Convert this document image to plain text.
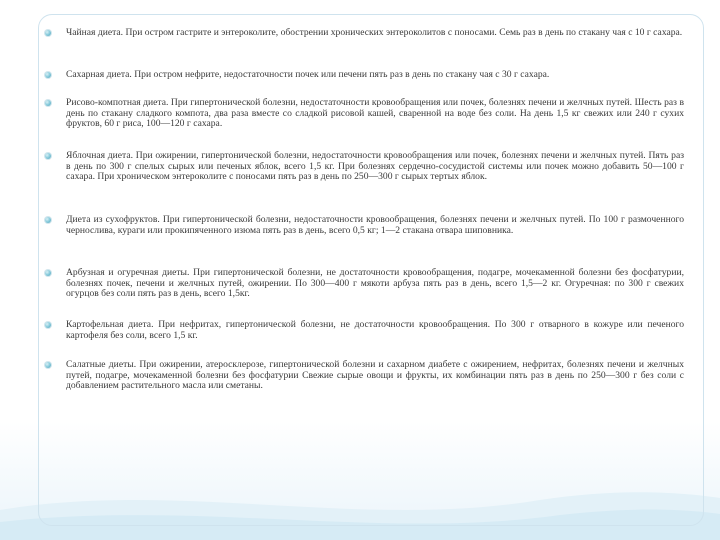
Чайная диета. При остром гастрите и энтероколите, обострении хронических энтероколитов с поносами. Семь раз в день по стакану чая с 10 г сахара.
Сахарная диета. При остром нефрите, недостаточности почек или печени пять раз в день по стакану чая с 30 г сахара.
Рисово-компотная диета. При гипертонической болезни, недостаточности кровообращения или почек, болезнях печени и желчных путей. Шесть раз в день по стакану сладкого компота, два раза вместе со сладкой рисовой кашей, сваренной на воде без соли. На день 1,5 кг свежих или 240 г сухих фруктов, 60 г риса, 100—120 г сахара.
Яблочная диета. При ожирении, гипертонической болезни, недостаточности кровообращения или почек, болезнях печени и желчных путей. Пять раз в день по 300 г спелых сырых или печеных яблок, всего 1,5 кг. При болезнях сердечно-сосудистой системы или почек можно добавить 50—100 г сахара. При хроническом энтероколите с поносами пять раз в день по 250—300 г сырых тертых яблок.
Диета из сухофруктов. При гипертонической болезни, недостаточности кровообращения, болезнях печени и желчных путей. По 100 г размоченного чернослива, кураги или прокипяченного изюма пять раз в день, всего 0,5 кг; 1—2 стакана отвара шиповника.
Арбузная и огуречная диеты. При гипертонической болезни, не достаточности кровообращения, подагре, мочекаменной болезни без фосфатурии, болезнях почек, печени и желчных путей, ожирении. По 300—400 г мякоти арбуза пять раз в день, всего 1,5—2 кг. Огуречная: по 300 г свежих огурцов без соли пять раз в день, всего 1,5кг.
Картофельная диета. При нефритах, гипертонической болезни, не достаточности кровообращения. По 300 г отварного в кожуре или печеного картофеля без соли, всего 1,5 кг.
Салатные диеты. При ожирении, атеросклерозе, гипертонической болезни и сахарном диабете с ожирением, нефритах, болезнях печени и желчных путей, подагре, мочекаменной болезни без фосфатурии Свежие сырые овощи и фрукты, их комбинации пять раз в день по 250—300 г без соли с добавлением растительного масла или сметаны.
